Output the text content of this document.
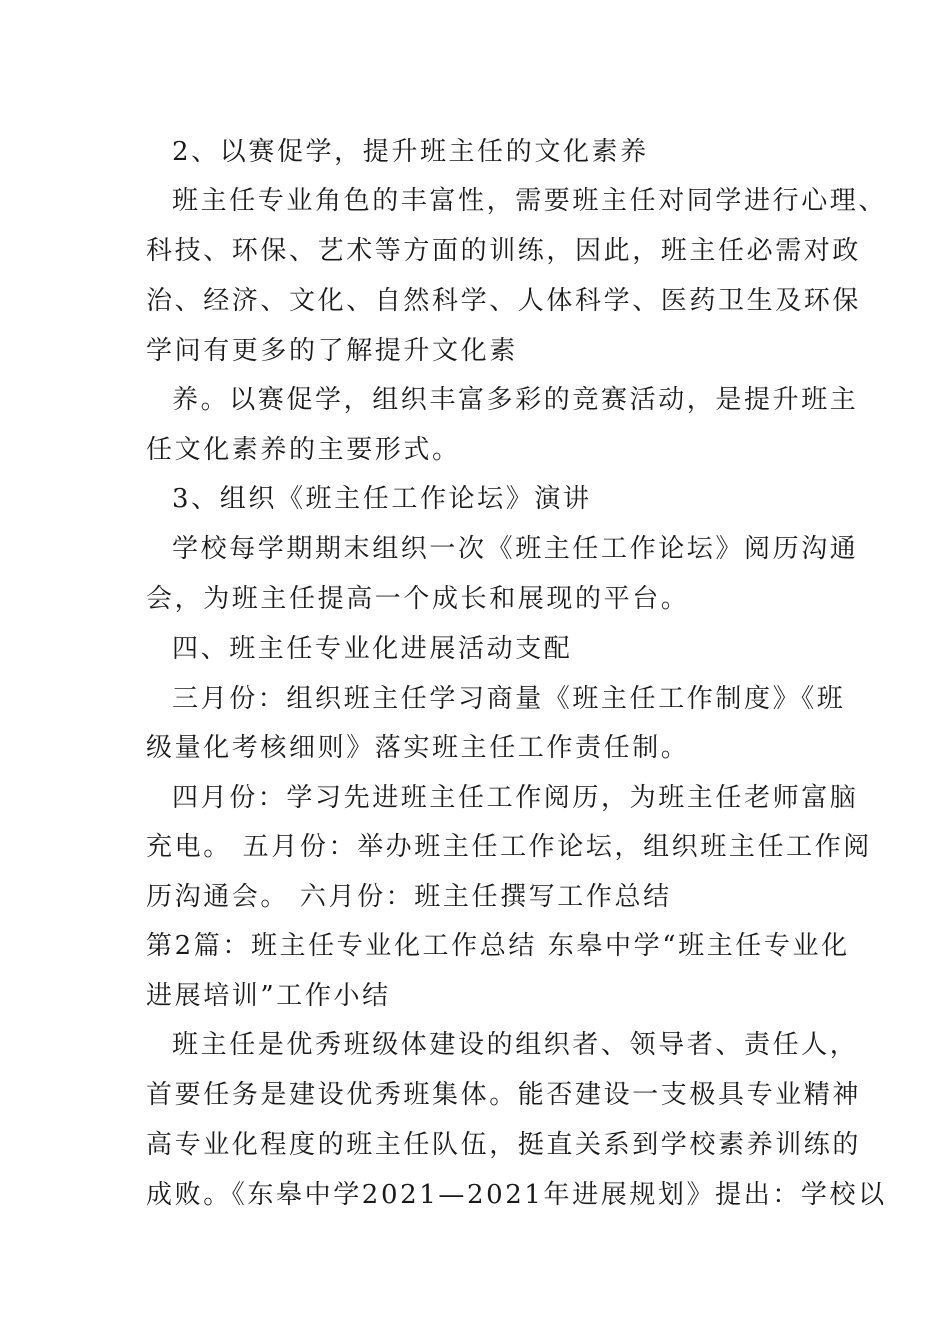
2、以赛促学，提升班主任的文化素养
班主任专业角色的丰富性，需要班主任对同学进行心理、
科技、环保、艺术等方面的训练，因此，班主任必需对政
治、经济、文化、自然科学、人体科学、医药卫生及环保
学问有更多的了解提升文化素
养。以赛促学，组织丰富多彩的竞赛活动，是提升班主
任文化素养的主要形式。
3、组织《班主任工作论坛》演讲
学校每学期期末组织一次《班主任工作论坛》阅历沟通
会，为班主任提高一个成长和展现的平台。
四、班主任专业化进展活动支配
三月份：组织班主任学习商量《班主任工作制度》《班
级量化考核细则》落实班主任工作责任制。
四月份：学习先进班主任工作阅历，为班主任老师富脑
充电。 五月份：举办班主任工作论坛，组织班主任工作阅
历沟通会。 六月份：班主任撰写工作总结
第2篇：班主任专业化工作总结 东皋中学“班主任专业化
进展培训”工作小结
班主任是优秀班级体建设的组织者、领导者、责任人，
首要任务是建设优秀班集体。能否建设一支极具专业精神
高专业化程度的班主任队伍，挺直关系到学校素养训练的
成败。《东皋中学2021—2021年进展规划》提出：学校以
